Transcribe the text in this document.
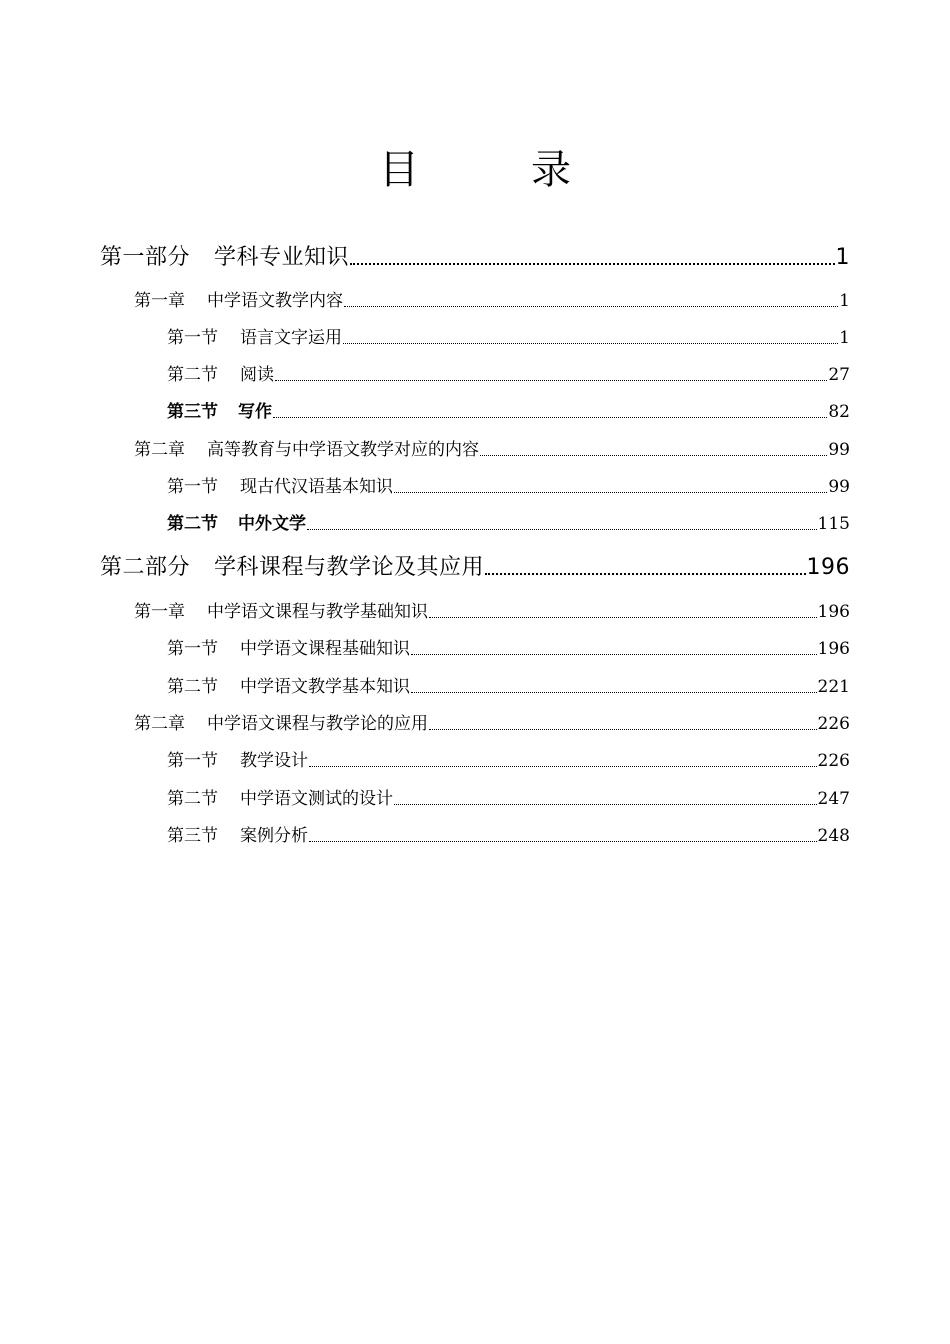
目　录
第一部分 学科专业知识	1
第一章 中学语文教学内容	1
第一节 语言文字运用	1
第二节 阅读	27
第三节 写作	82
第二章 高等教育与中学语文教学对应的内容	99
第一节 现古代汉语基本知识	99
第二节 中外文学	115
第二部分 学科课程与教学论及其应用	196
第一章 中学语文课程与教学基础知识	196
第一节 中学语文课程基础知识	196
第二节 中学语文教学基本知识	221
第二章 中学语文课程与教学论的应用	226
第一节 教学设计	226
第二节 中学语文测试的设计	247
第三节 案例分析	248
